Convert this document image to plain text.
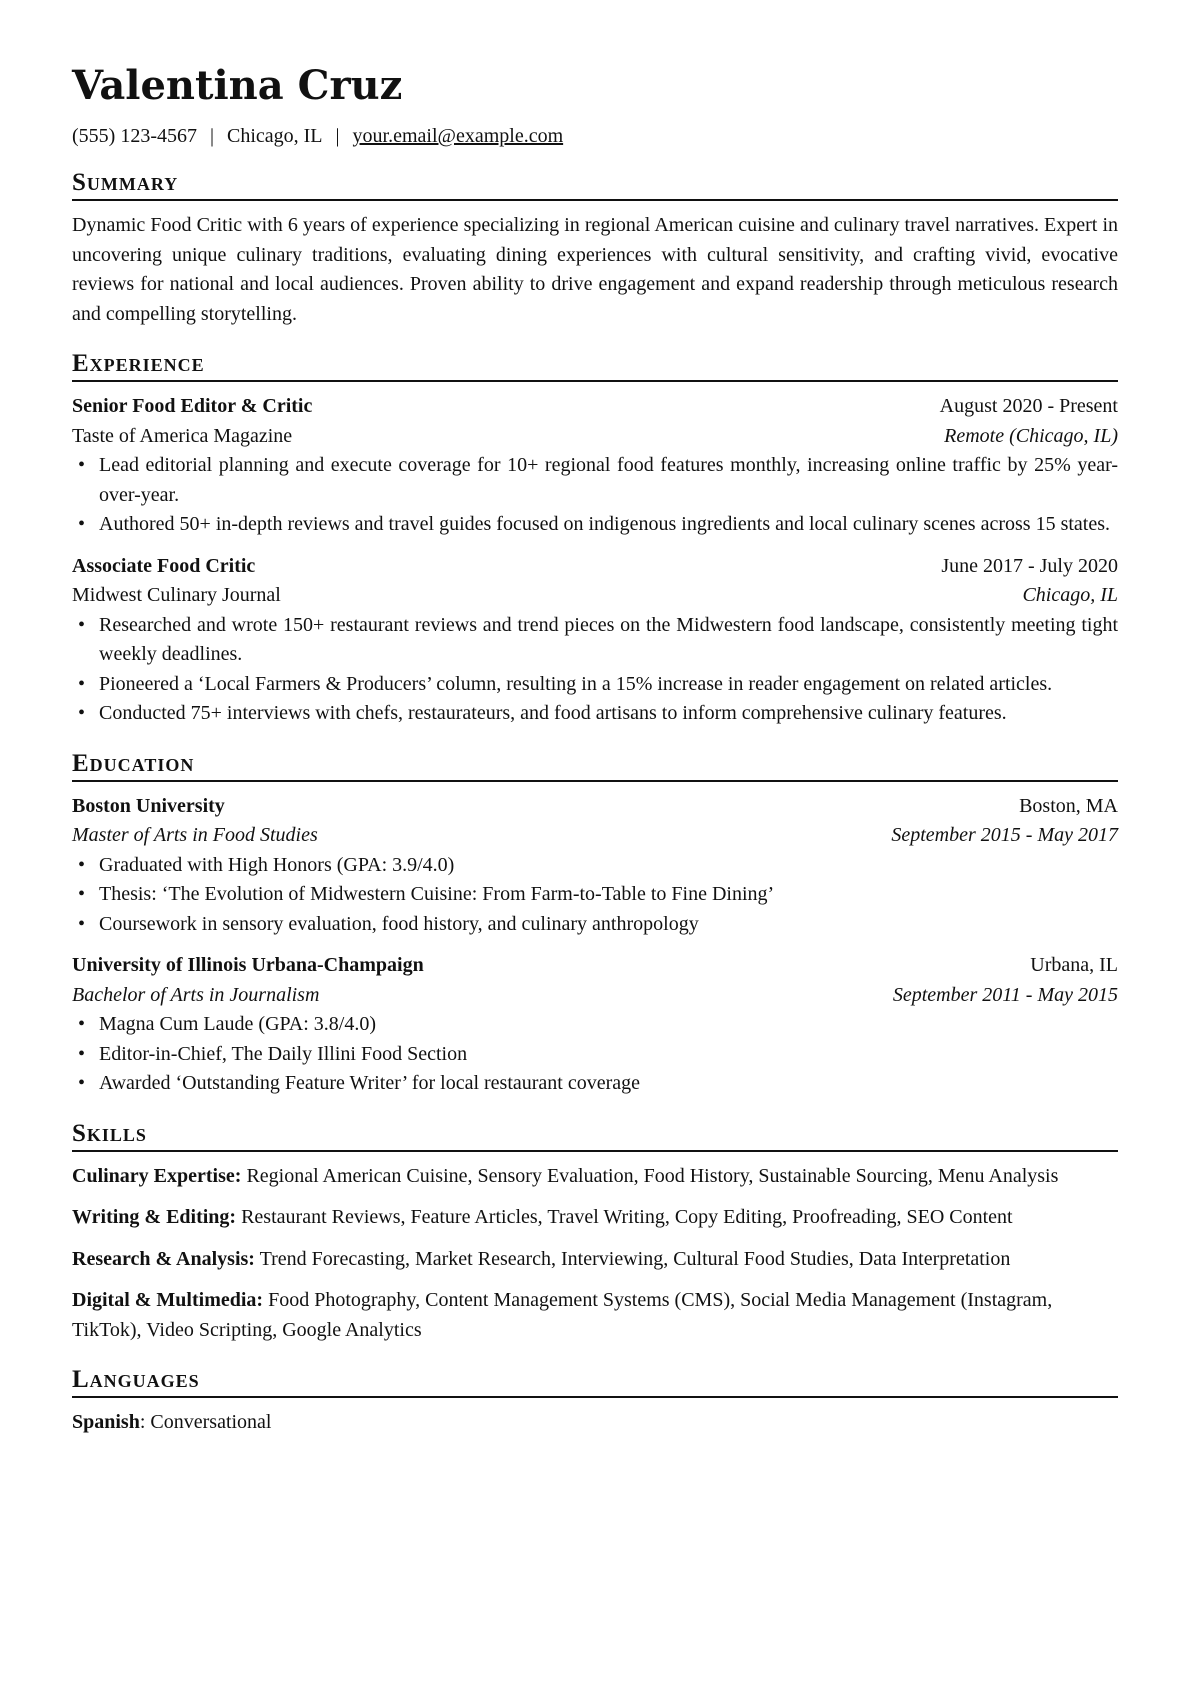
Valentina Cruz
(555) 123-4567 | Chicago, IL | your.email@example.com
Summary
Dynamic Food Critic with 6 years of experience specializing in regional American cuisine and culinary travel narratives. Expert in uncovering unique culinary traditions, evaluating dining experiences with cultural sensitivity, and crafting vivid, evocative reviews for national and local audiences. Proven ability to drive engagement and expand readership through meticulous research and compelling storytelling.
Experience
Senior Food Editor & Critic	August 2020 - Present
Taste of America Magazine	Remote (Chicago, IL)
• Lead editorial planning and execute coverage for 10+ regional food features monthly, increasing online traffic by 25% year-over-year.
• Authored 50+ in-depth reviews and travel guides focused on indigenous ingredients and local culinary scenes across 15 states.
Associate Food Critic	June 2017 - July 2020
Midwest Culinary Journal	Chicago, IL
• Researched and wrote 150+ restaurant reviews and trend pieces on the Midwestern food landscape, consistently meeting tight weekly deadlines.
• Pioneered a ‘Local Farmers & Producers’ column, resulting in a 15% increase in reader engagement on related articles.
• Conducted 75+ interviews with chefs, restaurateurs, and food artisans to inform comprehensive culinary features.
Education
Boston University	Boston, MA
Master of Arts in Food Studies	September 2015 - May 2017
• Graduated with High Honors (GPA: 3.9/4.0)
• Thesis: ‘The Evolution of Midwestern Cuisine: From Farm-to-Table to Fine Dining’
• Coursework in sensory evaluation, food history, and culinary anthropology
University of Illinois Urbana-Champaign	Urbana, IL
Bachelor of Arts in Journalism	September 2011 - May 2015
• Magna Cum Laude (GPA: 3.8/4.0)
• Editor-in-Chief, The Daily Illini Food Section
• Awarded ‘Outstanding Feature Writer’ for local restaurant coverage
Skills
Culinary Expertise: Regional American Cuisine, Sensory Evaluation, Food History, Sustainable Sourcing, Menu Analysis
Writing & Editing: Restaurant Reviews, Feature Articles, Travel Writing, Copy Editing, Proofreading, SEO Content
Research & Analysis: Trend Forecasting, Market Research, Interviewing, Cultural Food Studies, Data Interpretation
Digital & Multimedia: Food Photography, Content Management Systems (CMS), Social Media Management (Instagram, TikTok), Video Scripting, Google Analytics
Languages
Spanish: Conversational
